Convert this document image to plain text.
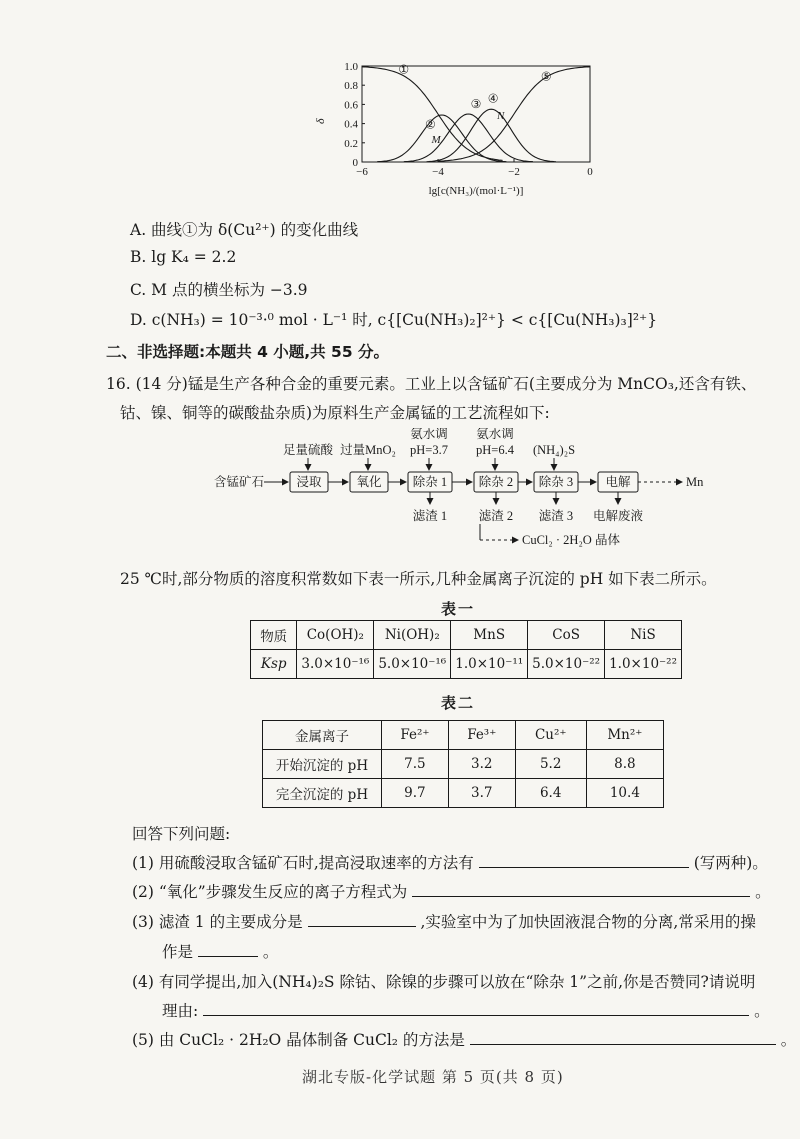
①
②
③ ④
⑤
M
N
−6	−4	−2	0
0
0.2
0.4
0.6
0.8
1.0
δ
lg[c(NH₃)/(mol·L⁻¹)]
A. 曲线①为 δ(Cu²⁺) 的变化曲线
B. lg K₄ = 2.2
C. M 点的横坐标为 −3.9
D. c(NH₃) = 10⁻³·⁰ mol · L⁻¹ 时, c{[Cu(NH₃)₂]²⁺} < c{[Cu(NH₃)₃]²⁺}
二、非选择题:本题共 4 小题,共 55 分。
16. (14 分)锰是生产各种合金的重要元素。工业上以含锰矿石(主要成分为 MnCO₃,还含有铁、
钴、镍、铜等的碳酸盐杂质)为原料生产金属锰的工艺流程如下:
足量硫酸 过量MnO₂
氨水调
pH=3.7
氨水调
pH=6.4 (NH₄)₂S
含锰矿石	浸取	氧化	除杂 1	除杂 2 除杂 3	电解	Mn
滤渣 1	滤渣 2 滤渣 3 电解废液
CuCl₂ · 2H₂O 晶体
25 ℃时,部分物质的溶度积常数如下表一所示,几种金属离子沉淀的 pH 如下表二所示。
表一
物质	Co(OH)₂	Ni(OH)₂	MnS	CoS	NiS
Ksp	3.0×10⁻¹⁶	5.0×10⁻¹⁶	1.0×10⁻¹¹	5.0×10⁻²²	1.0×10⁻²²
表二
金属离子	Fe²⁺	Fe³⁺	Cu²⁺	Mn²⁺
开始沉淀的 pH	7.5	3.2	5.2	8.8
完全沉淀的 pH	9.7	3.7	6.4	10.4
回答下列问题:
(1) 用硫酸浸取含锰矿石时,提高浸取速率的方法有	(写两种)。
(2) “氧化”步骤发生反应的离子方程式为	。
(3) 滤渣 1 的主要成分是	,实验室中为了加快固液混合物的分离,常采用的操
作是	。
(4) 有同学提出,加入(NH₄)₂S 除钴、除镍的步骤可以放在“除杂 1”之前,你是否赞同?请说明
理由:	。
(5) 由 CuCl₂ · 2H₂O 晶体制备 CuCl₂ 的方法是	。
湖北专版-化学试题 第 5 页(共 8 页)
